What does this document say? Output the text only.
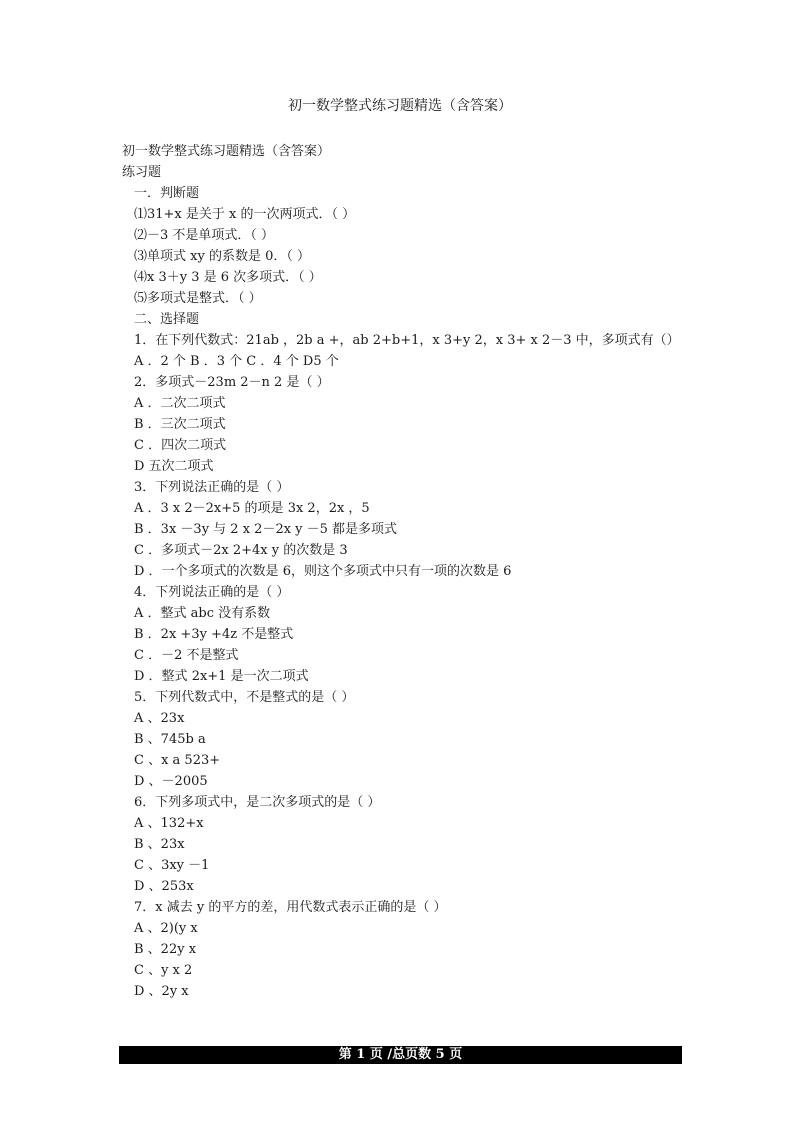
初一数学整式练习题精选（含答案）
初一数学整式练习题精选（含答案）
练习题
一．判断题
⑴31+x 是关于 x 的一次两项式．（ ）
⑵－3 不是单项式．（ ）
⑶单项式 xy 的系数是 0．（ ）
⑷x 3＋y 3 是 6 次多项式．（ ）
⑸多项式是整式．（ ）
二、选择题
1．在下列代数式：21ab ，2b a +，ab 2+b+1，x 3+y 2，x 3+ x 2－3 中，多项式有（）
A ．2 个 B ．3 个 C ．4 个 D5 个
2．多项式－23m 2－n 2 是（ ）
A ．二次二项式
B ．三次二项式
C ．四次二项式
D 五次二项式
3．下列说法正确的是（ ）
A ．3 x 2－2x+5 的项是 3x 2，2x ，5
B ．3x －3y 与 2 x 2－2x y －5 都是多项式
C ．多项式－2x 2+4x y 的次数是 3
D ．一个多项式的次数是 6，则这个多项式中只有一项的次数是 6
4．下列说法正确的是（ ）
A ．整式 abc 没有系数
B ．2x +3y +4z 不是整式
C ．－2 不是整式
D ．整式 2x+1 是一次二项式
5．下列代数式中，不是整式的是（ ）
A 、23x
B 、745b a
C 、x a 523+
D 、－2005
6．下列多项式中，是二次多项式的是（ ）
A 、132+x
B 、23x
C 、3xy －1
D 、253x
7．x 减去 y 的平方的差，用代数式表示正确的是（ ）
A 、2)(y x
B 、22y x
C 、y x 2
D 、2y x
第 1 页 /总页数 5 页
